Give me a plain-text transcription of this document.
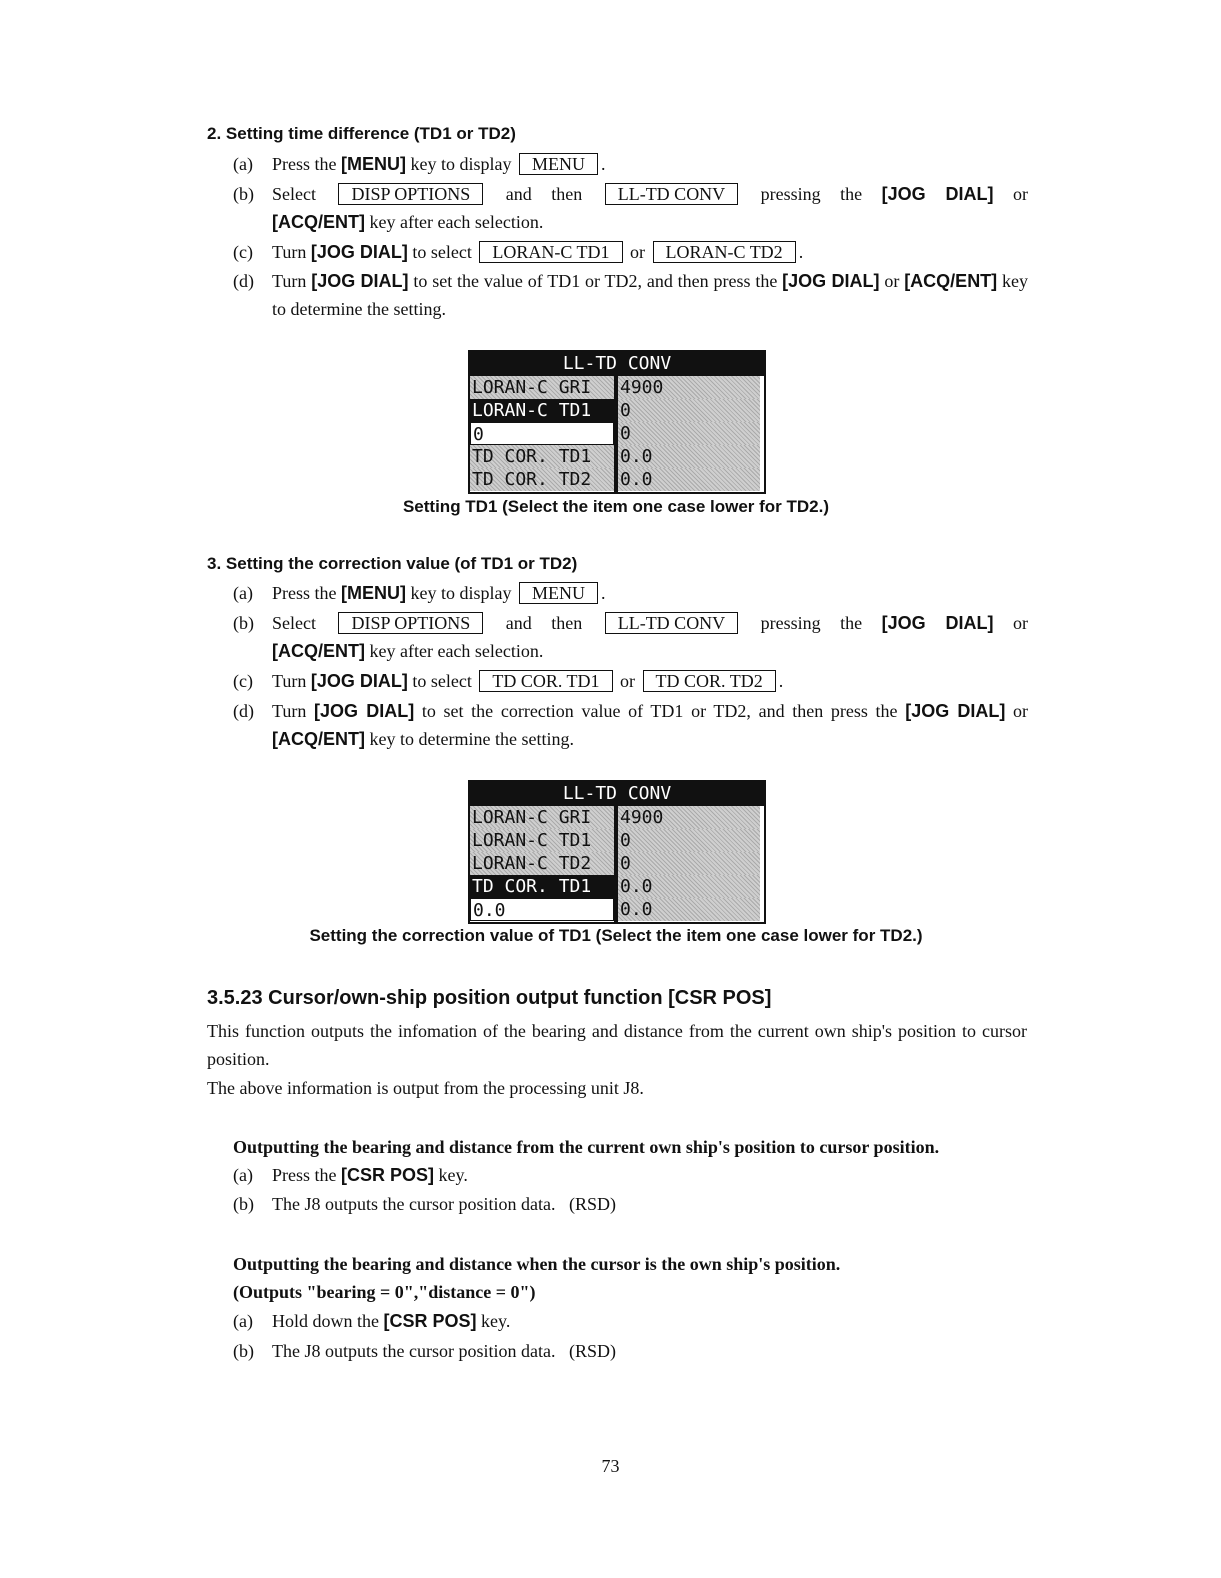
2. Setting time difference (TD1 or TD2)
(a) Press the [MENU] key to display MENU .
(b) Select DISP OPTIONS and then LL-TD CONV pressing the [JOG DIAL] or
[ACQ/ENT] key after each selection.
(c) Turn [JOG DIAL] to select LORAN-C TD1 or LORAN-C TD2 .
(d) Turn [JOG DIAL] to set the value of TD1 or TD2, and then press the [JOG DIAL] or [ACQ/ENT] key to determine the setting.
LL-TD CONV
LORAN-C GRI	4900
LORAN-C TD1	0
0	0
TD COR. TD1	0.0
TD COR. TD2	0.0
Setting TD1 (Select the item one case lower for TD2.)
3. Setting the correction value (of TD1 or TD2)
(a) Press the [MENU] key to display MENU .
(b) Select DISP OPTIONS and then LL-TD CONV pressing the [JOG DIAL] or
[ACQ/ENT] key after each selection.
(c) Turn [JOG DIAL] to select TD COR. TD1 or TD COR. TD2 .
(d) Turn [JOG DIAL] to set the correction value of TD1 or TD2, and then press the [JOG DIAL] or [ACQ/ENT] key to determine the setting.
LL-TD CONV
LORAN-C GRI	4900
LORAN-C TD1	0
LORAN-C TD2	0
TD COR. TD1	0.0
0.0	0.0
Setting the correction value of TD1 (Select the item one case lower for TD2.)
3.5.23 Cursor/own-ship position output function [CSR POS]
This function outputs the infomation of the bearing and distance from the current own ship's position to cursor position.
The above information is output from the processing unit J8.
Outputting the bearing and distance from the current own ship's position to cursor position.
(a) Press the [CSR POS] key.
(b) The J8 outputs the cursor position data.   (RSD)
Outputting the bearing and distance when the cursor is the own ship's position.
(Outputs "bearing = 0","distance = 0")
(a) Hold down the [CSR POS] key.
(b) The J8 outputs the cursor position data.   (RSD)
73
